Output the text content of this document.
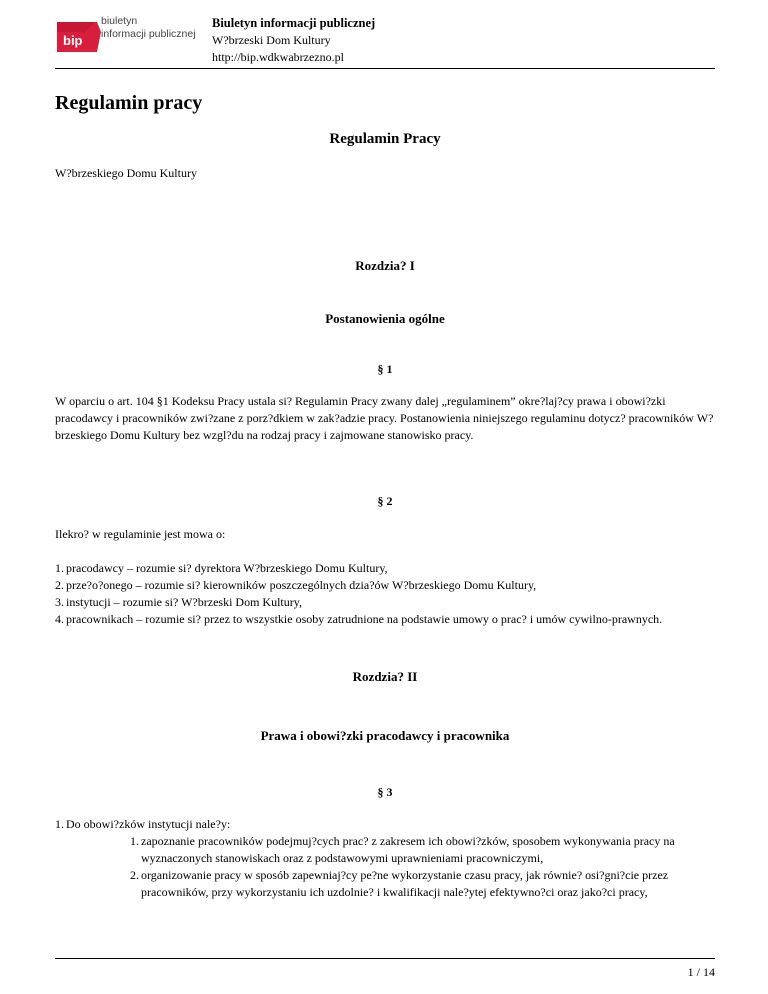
bip
biuletyn
informacji publicznej
Biuletyn informacji publicznej
W?brzeski Dom Kultury
http://bip.wdkwabrzezno.pl
Regulamin pracy
Regulamin Pracy

W?brzeskiego Domu Kultury

Rozdzia? I
Postanowienia ogólne
§ 1

W oparciu o art. 104 §1 Kodeksu Pracy ustala si? Regulamin Pracy zwany dalej „regulaminem” okre?laj?cy prawa i obowi?zki pracodawcy i pracowników zwi?zane z porz?dkiem w zak?adzie pracy. Postanowienia niniejszego regulaminu dotycz? pracowników W?brzeskiego Domu Kultury bez wzgl?du na rodzaj pracy i zajmowane stanowisko pracy.

§ 2

Ilekro? w regulaminie jest mowa o:

1. pracodawcy – rozumie si? dyrektora W?brzeskiego Domu Kultury,
2. prze?o?onego – rozumie si? kierowników poszczególnych dzia?ów W?brzeskiego Domu Kultury,
3. instytucji – rozumie si? W?brzeski Dom Kultury,
4. pracownikach – rozumie si? przez to wszystkie osoby zatrudnione na podstawie umowy o prac? i umów cywilno-prawnych.
Rozdzia? II
Prawa i obowi?zki pracodawcy i pracownika
§ 3
1. Do obowi?zków instytucji nale?y:
1. zapoznanie pracowników podejmuj?cych prac? z zakresem ich obowi?zków, sposobem wykonywania pracy na wyznaczonych stanowiskach oraz z podstawowymi uprawnieniami pracowniczymi,
2. organizowanie pracy w sposób zapewniaj?cy pe?ne wykorzystanie czasu pracy, jak równie? osi?gni?cie przez pracowników, przy wykorzystaniu ich uzdolnie? i kwalifikacji nale?ytej efektywno?ci oraz jako?ci pracy,
1 / 14
